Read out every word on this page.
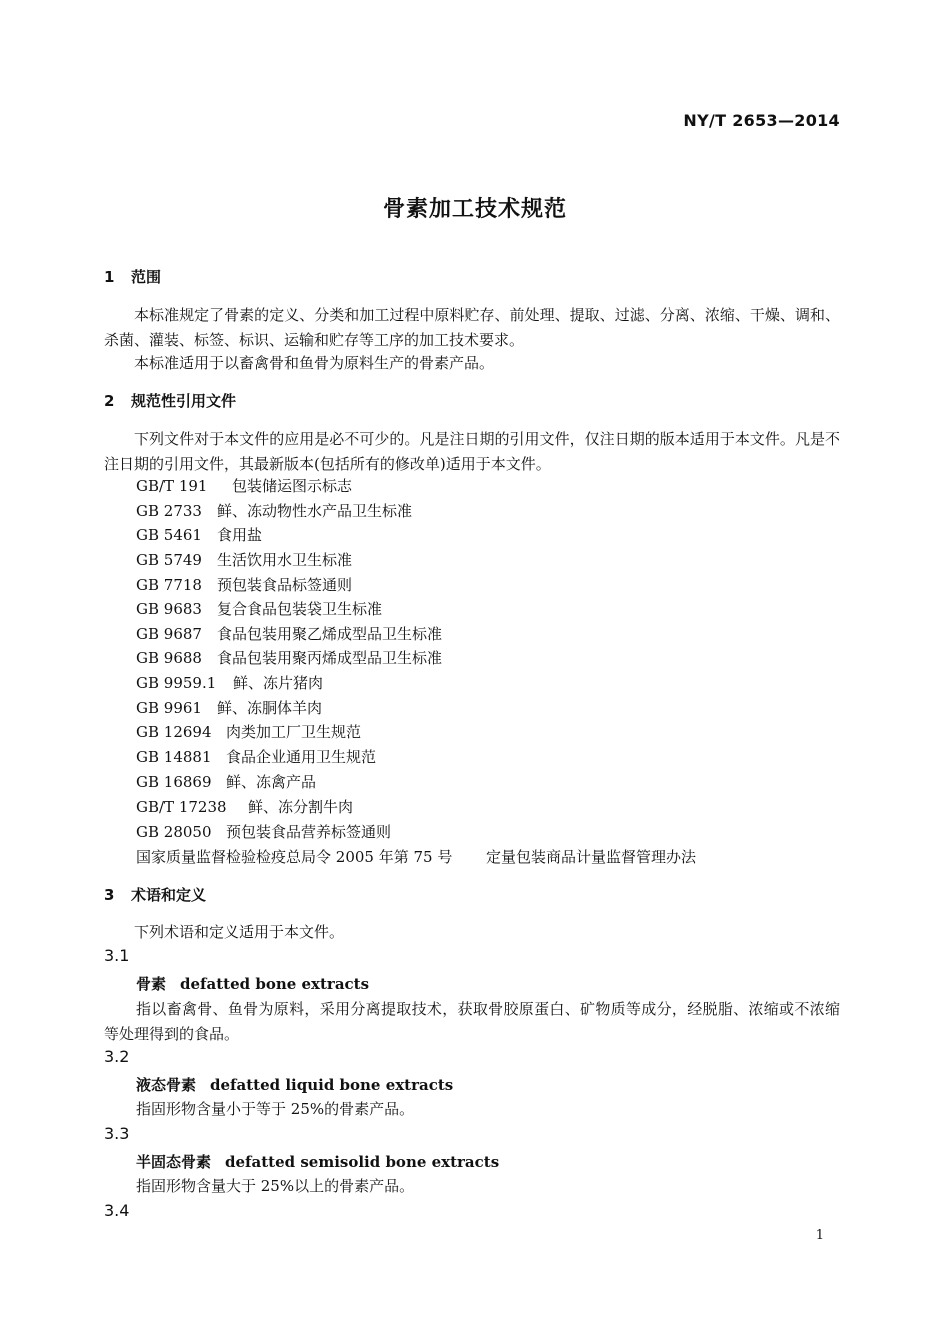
NY/T 2653—2014
骨素加工技术规范
1 范围
本标准规定了骨素的定义、分类和加工过程中原料贮存、前处理、提取、过滤、分离、浓缩、干燥、调和、杀菌、灌装、标签、标识、运输和贮存等工序的加工技术要求。
本标准适用于以畜禽骨和鱼骨为原料生产的骨素产品。
2 规范性引用文件
下列文件对于本文件的应用是必不可少的。凡是注日期的引用文件，仅注日期的版本适用于本文件。凡是不注日期的引用文件，其最新版本(包括所有的修改单)适用于本文件。
GB/T 191 包装储运图示标志
GB 2733 鲜、冻动物性水产品卫生标准
GB 5461 食用盐
GB 5749 生活饮用水卫生标准
GB 7718 预包装食品标签通则
GB 9683 复合食品包装袋卫生标准
GB 9687 食品包装用聚乙烯成型品卫生标准
GB 9688 食品包装用聚丙烯成型品卫生标准
GB 9959.1 鲜、冻片猪肉
GB 9961 鲜、冻胴体羊肉
GB 12694 肉类加工厂卫生规范
GB 14881 食品企业通用卫生规范
GB 16869 鲜、冻禽产品
GB/T 17238 鲜、冻分割牛肉
GB 28050 预包装食品营养标签通则
国家质量监督检验检疫总局令 2005 年第 75 号 定量包装商品计量监督管理办法
3 术语和定义
下列术语和定义适用于本文件。
3.1
骨素 defatted bone extracts
指以畜禽骨、鱼骨为原料，采用分离提取技术，获取骨胶原蛋白、矿物质等成分，经脱脂、浓缩或不浓缩等处理得到的食品。
3.2
液态骨素 defatted liquid bone extracts
指固形物含量小于等于 25%的骨素产品。
3.3
半固态骨素 defatted semisolid bone extracts
指固形物含量大于 25%以上的骨素产品。
3.4
1
